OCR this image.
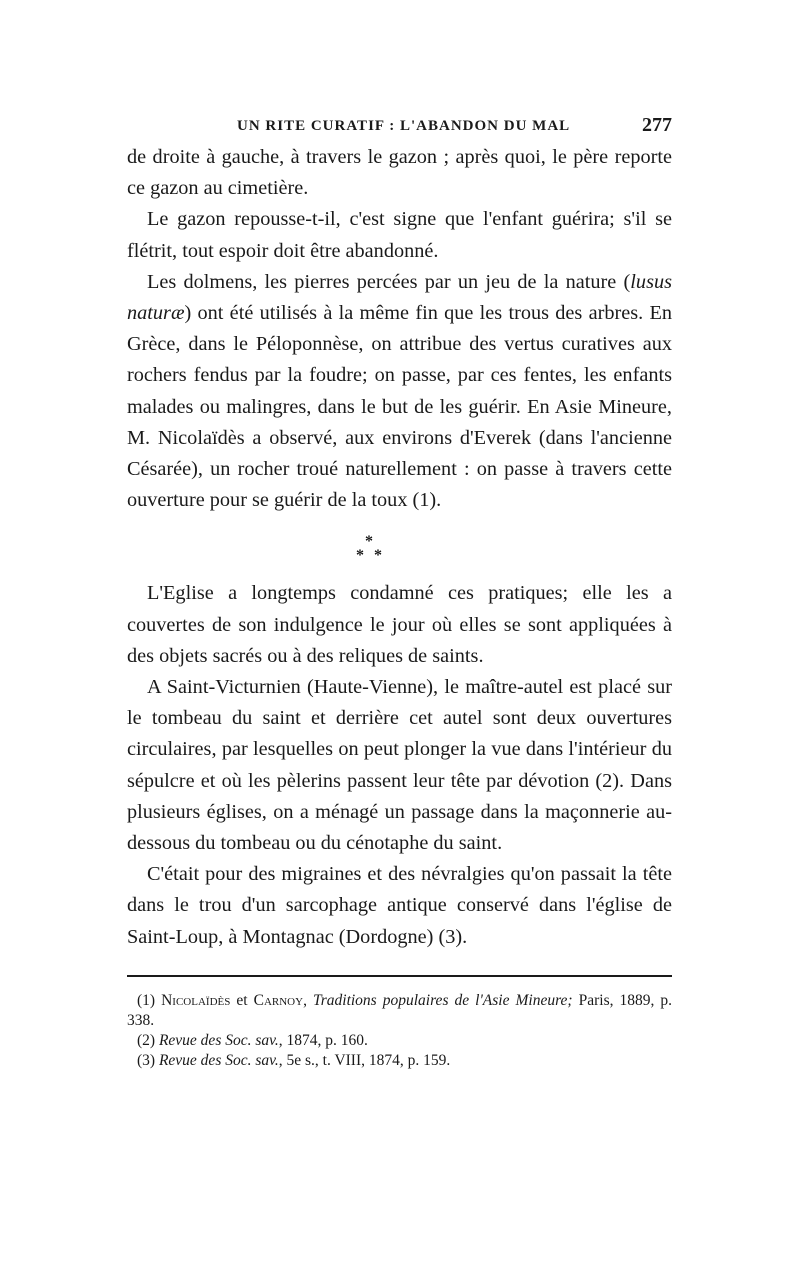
UN RITE CURATIF : L'ABANDON DU MAL	277

de droite à gauche, à travers le gazon ; après quoi, le père reporte ce gazon au cimetière.

Le gazon repousse-t-il, c'est signe que l'enfant guérira; s'il se flétrit, tout espoir doit être abandonné.

Les dolmens, les pierres percées par un jeu de la nature (lusus naturæ) ont été utilisés à la même fin que les trous des arbres. En Grèce, dans le Péloponnèse, on attribue des vertus curatives aux rochers fendus par la foudre; on passe, par ces fentes, les enfants malades ou malingres, dans le but de les guérir. En Asie Mineure, M. Nicolaïdès a observé, aux environs d'Everek (dans l'ancienne Césarée), un rocher troué naturellement : on passe à travers cette ouverture pour se guérir de la toux (1).

*
* *

L'Eglise a longtemps condamné ces pratiques; elle les a couvertes de son indulgence le jour où elles se sont appliquées à des objets sacrés ou à des reliques de saints.

A Saint-Victurnien (Haute-Vienne), le maître-autel est placé sur le tombeau du saint et derrière cet autel sont deux ouvertures circulaires, par lesquelles on peut plonger la vue dans l'intérieur du sépulcre et où les pèlerins passent leur tête par dévotion (2). Dans plusieurs églises, on a ménagé un passage dans la maçonnerie au-dessous du tombeau ou du cénotaphe du saint.

C'était pour des migraines et des névralgies qu'on passait la tête dans le trou d'un sarcophage antique conservé dans l'église de Saint-Loup, à Montagnac (Dordogne) (3).

(1) Nicolaïdès et Carnoy, Traditions populaires de l'Asie Mineure; Paris, 1889, p. 338.

(2) Revue des Soc. sav., 1874, p. 160.

(3) Revue des Soc. sav., 5e s., t. VIII, 1874, p. 159.
